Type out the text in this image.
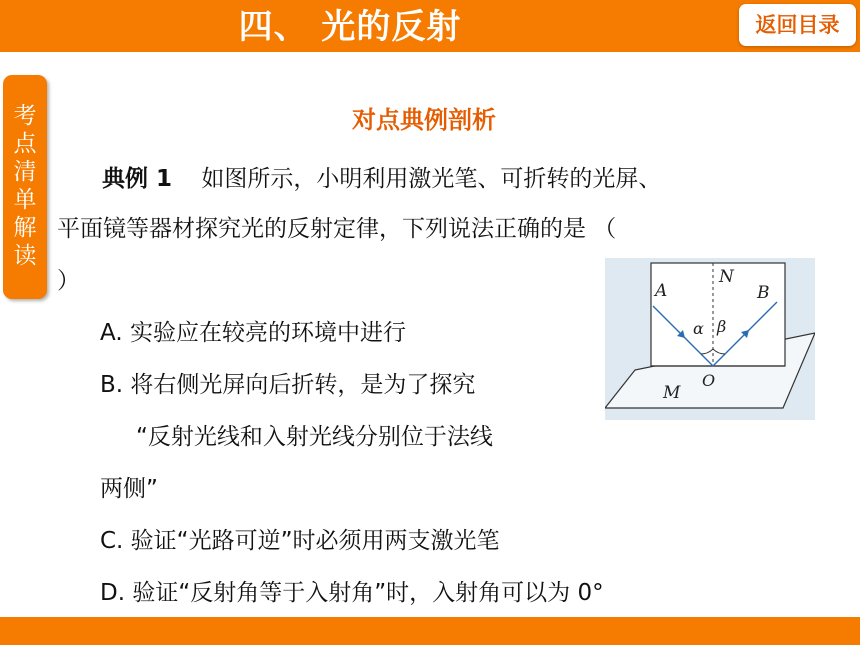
四、 光的反射	返回目录
考点清单解读
对点典例剖析
典例 1 如图所示，小明利用激光笔、可折转的光屏、
平面镜等器材探究光的反射定律，下列说法正确的是 （
）
A. 实验应在较亮的环境中进行
B. 将右侧光屏向后折转，是为了探究
“反射光线和入射光线分别位于法线
两侧”
C. 验证“光路可逆”时必须用两支激光笔
D. 验证“反射角等于入射角”时，入射角可以为 0°
A	B
N
α β
O
M
